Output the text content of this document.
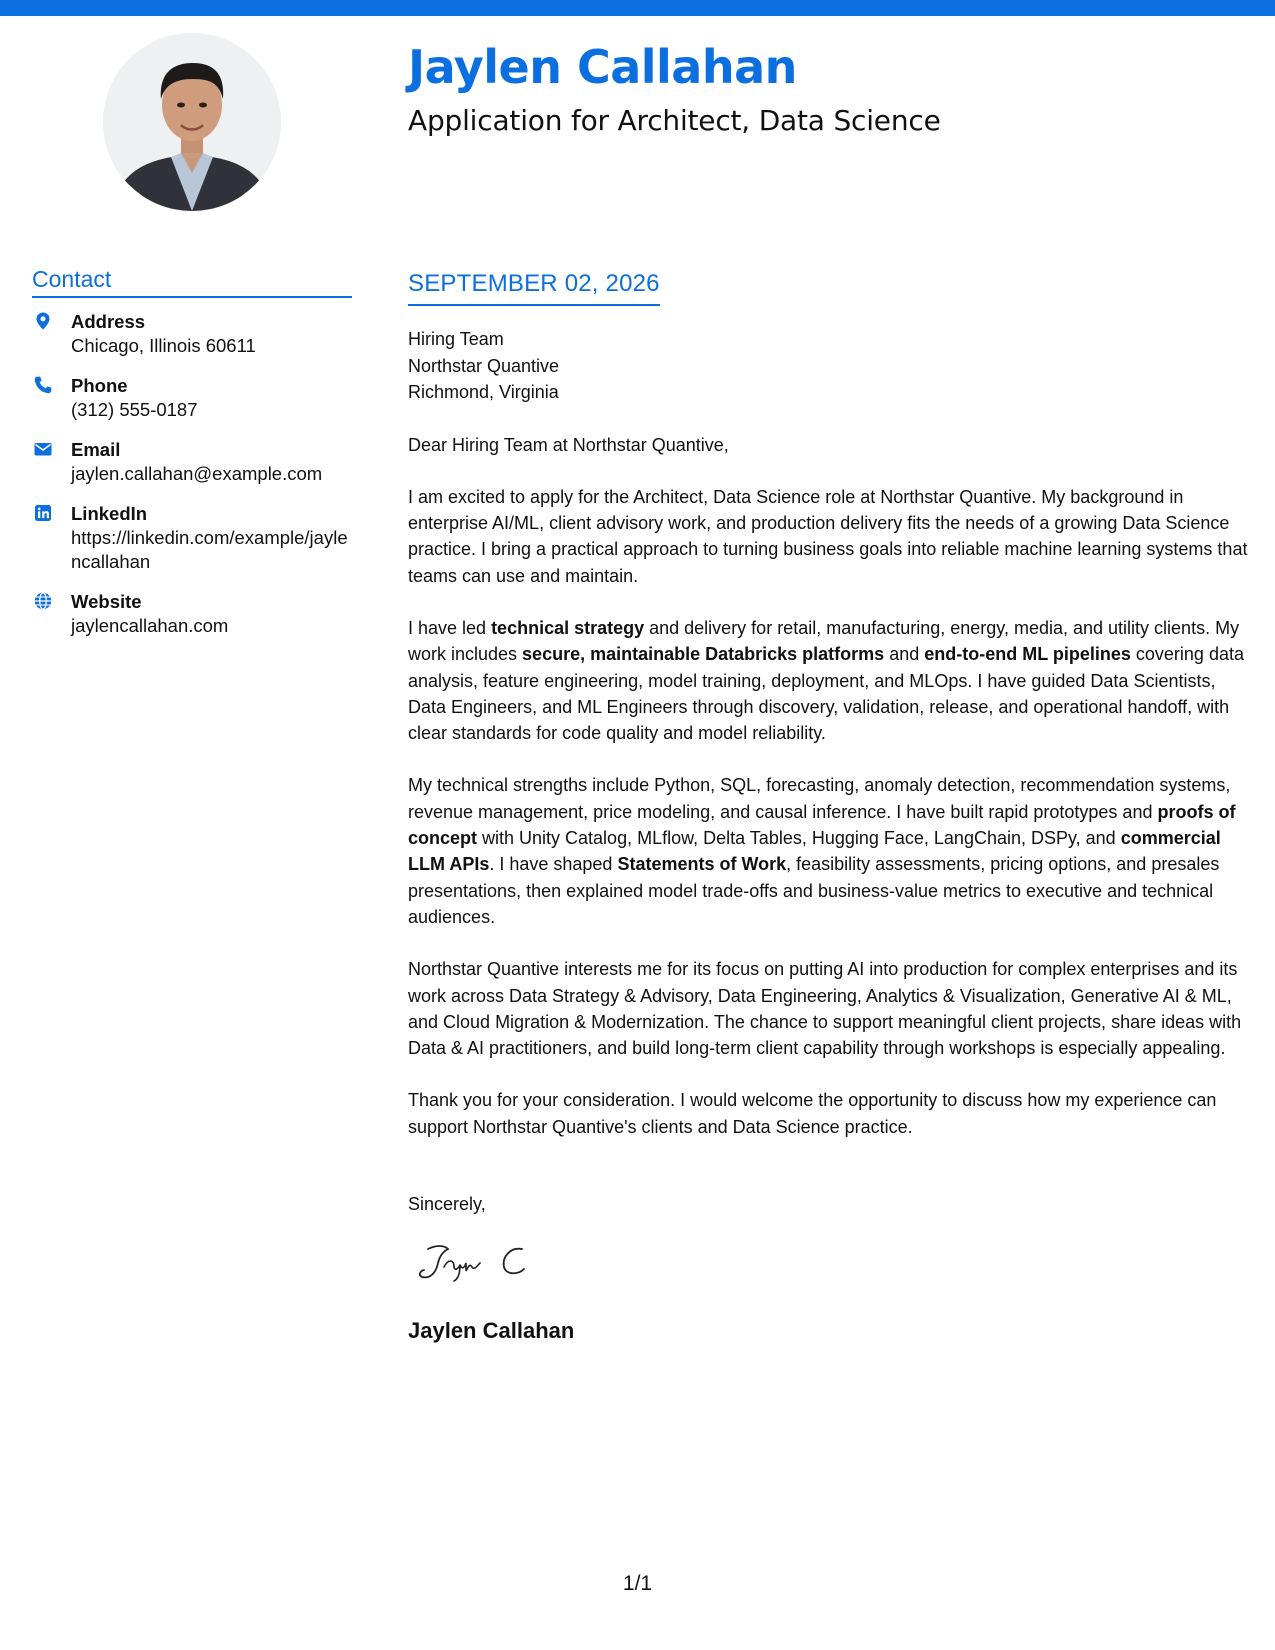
Jaylen Callahan
Application for Architect, Data Science
Contact
Address
Chicago, Illinois 60611
Phone
(312) 555-0187
Email
jaylen.callahan@example.com
LinkedIn
https://linkedin.com/example/jaylencallahan
Website
jaylencallahan.com
SEPTEMBER 02, 2026
Hiring Team
Northstar Quantive
Richmond, Virginia

Dear Hiring Team at Northstar Quantive,

I am excited to apply for the Architect, Data Science role at Northstar Quantive. My background in enterprise AI/ML, client advisory work, and production delivery fits the needs of a growing Data Science practice. I bring a practical approach to turning business goals into reliable machine learning systems that teams can use and maintain.

I have led technical strategy and delivery for retail, manufacturing, energy, media, and utility clients. My work includes secure, maintainable Databricks platforms and end-to-end ML pipelines covering data analysis, feature engineering, model training, deployment, and MLOps. I have guided Data Scientists, Data Engineers, and ML Engineers through discovery, validation, release, and operational handoff, with clear standards for code quality and model reliability.

My technical strengths include Python, SQL, forecasting, anomaly detection, recommendation systems, revenue management, price modeling, and causal inference. I have built rapid prototypes and proofs of concept with Unity Catalog, MLflow, Delta Tables, Hugging Face, LangChain, DSPy, and commercial LLM APIs. I have shaped Statements of Work, feasibility assessments, pricing options, and presales presentations, then explained model trade-offs and business-value metrics to executive and technical audiences.

Northstar Quantive interests me for its focus on putting AI into production for complex enterprises and its work across Data Strategy & Advisory, Data Engineering, Analytics & Visualization, Generative AI & ML, and Cloud Migration & Modernization. The chance to support meaningful client projects, share ideas with Data & AI practitioners, and build long-term client capability through workshops is especially appealing.

Thank you for your consideration. I would welcome the opportunity to discuss how my experience can support Northstar Quantive's clients and Data Science practice.

Sincerely,
Jaylen Callahan
1/1
